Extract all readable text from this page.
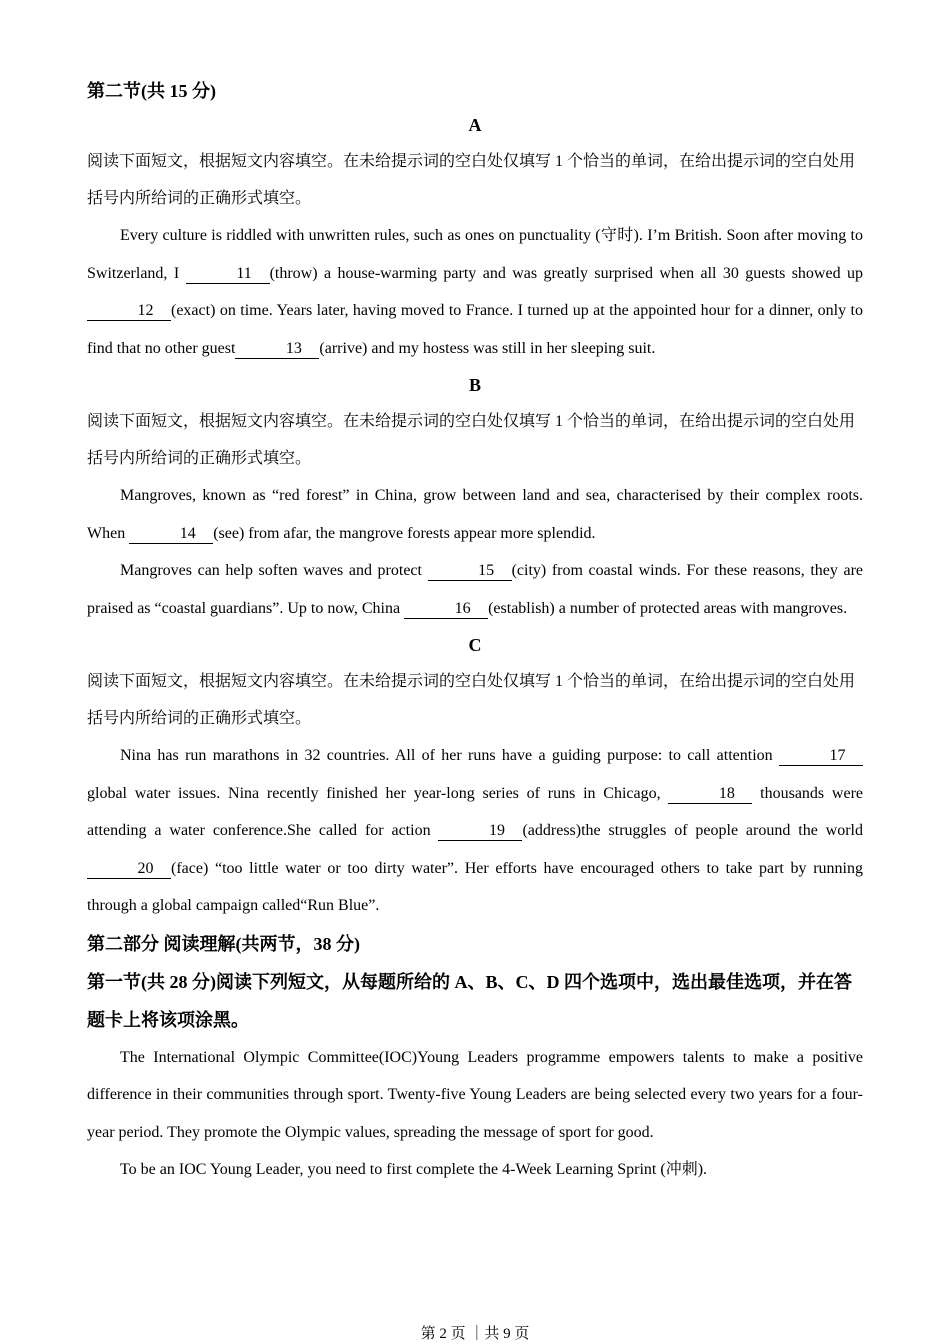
第二节(共 15 分)
A

阅读下面短文，根据短文内容填空。在未给提示词的空白处仅填写 1 个恰当的单词，在给出提示词的空白处用括号内所给词的正确形式填空。

Every culture is riddled with unwritten rules, such as ones on punctuality (守时). I’m British. Soon after moving to Switzerland, I	11 (throw) a house-warming party and was greatly surprised when all 30 guests showed up 12 (exact) on time. Years later, having moved to France. I turned up at the appointed hour for a dinner, only to find that no other guest	13 (arrive) and my hostess was still in her sleeping suit.

B

阅读下面短文，根据短文内容填空。在未给提示词的空白处仅填写 1 个恰当的单词，在给出提示词的空白处用括号内所给词的正确形式填空。

Mangroves, known as “red forest” in China, grow between land and sea, characterised by their complex roots. When	14 (see) from afar, the mangrove forests appear more splendid.

Mangroves can help soften waves and protect	15 (city) from coastal winds. For these reasons, they are praised as “coastal guardians”. Up to now, China	16 (establish) a number of protected areas with mangroves.

C

阅读下面短文，根据短文内容填空。在未给提示词的空白处仅填写 1 个恰当的单词，在给出提示词的空白处用括号内所给词的正确形式填空。

Nina has run marathons in 32 countries. All of her runs have a guiding purpose: to call attention	17 global water issues. Nina recently finished her year-long series of runs in Chicago,	18 thousands were attending a water conference.She called for action	19 (address)the struggles of people around the world 20 (face) “too little water or too dirty water”. Her efforts have encouraged others to take part by running through a global campaign called“Run Blue”.

第二部分 阅读理解(共两节，38 分)
第一节(共 28 分)阅读下列短文，从每题所给的 A、B、C、D 四个选项中，选出最佳选项，并在答题卡上将该项涂黑。

The International Olympic Committee(IOC)Young Leaders programme empowers talents to make a positive difference in their communities through sport. Twenty-five Young Leaders are being selected every two years for a four-year period. They promote the Olympic values, spreading the message of sport for good.

To be an IOC Young Leader, you need to first complete the 4-Week Learning Sprint (冲刺).

第 2 页 ｜共 9 页
